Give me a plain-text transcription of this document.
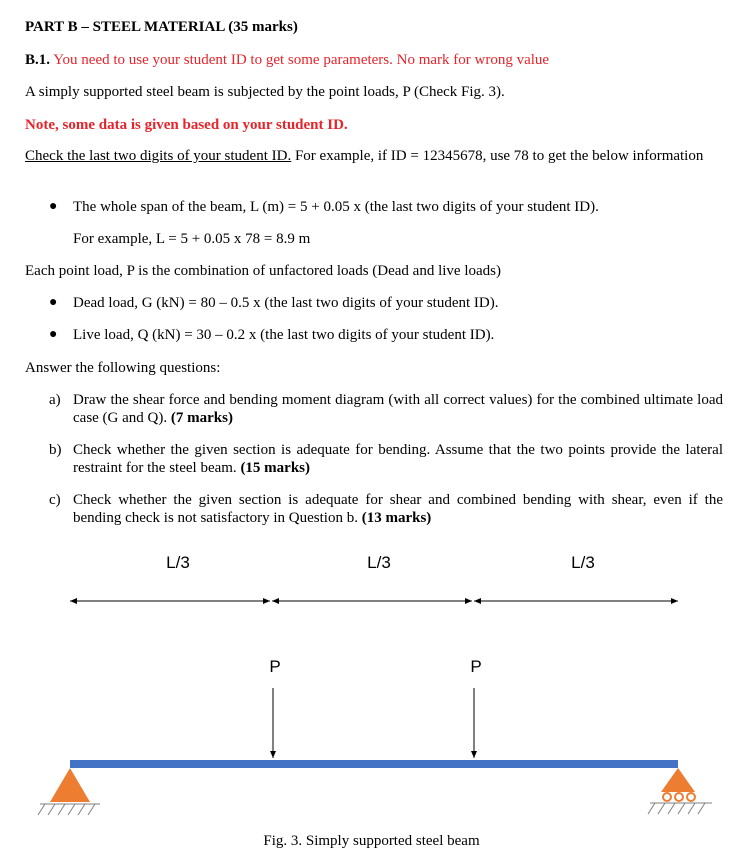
PART B – STEEL MATERIAL (35 marks)
B.1. You need to use your student ID to get some parameters. No mark for wrong value
A simply supported steel beam is subjected by the point loads, P (Check Fig. 3).
Note, some data is given based on your student ID.
Check the last two digits of your student ID. For example, if ID = 12345678, use 78 to get the below information
● The whole span of the beam, L (m) = 5 + 0.05 x (the last two digits of your student ID).
For example, L = 5 + 0.05 x 78 = 8.9 m
Each point load, P is the combination of unfactored loads (Dead and live loads)
● Dead load, G (kN) = 80 – 0.5 x (the last two digits of your student ID).
● Live load, Q (kN) = 30 – 0.2 x (the last two digits of your student ID).
Answer the following questions:
a) Draw the shear force and bending moment diagram (with all correct values) for the combined ultimate load case (G and Q). (7 marks)
b) Check whether the given section is adequate for bending. Assume that the two points provide the lateral restraint for the steel beam. (15 marks)
c) Check whether the given section is adequate for shear and combined bending with shear, even if the bending check is not satisfactory in Question b. (13 marks)
L/3	L/3	L/3
P	P
Fig. 3. Simply supported steel beam
